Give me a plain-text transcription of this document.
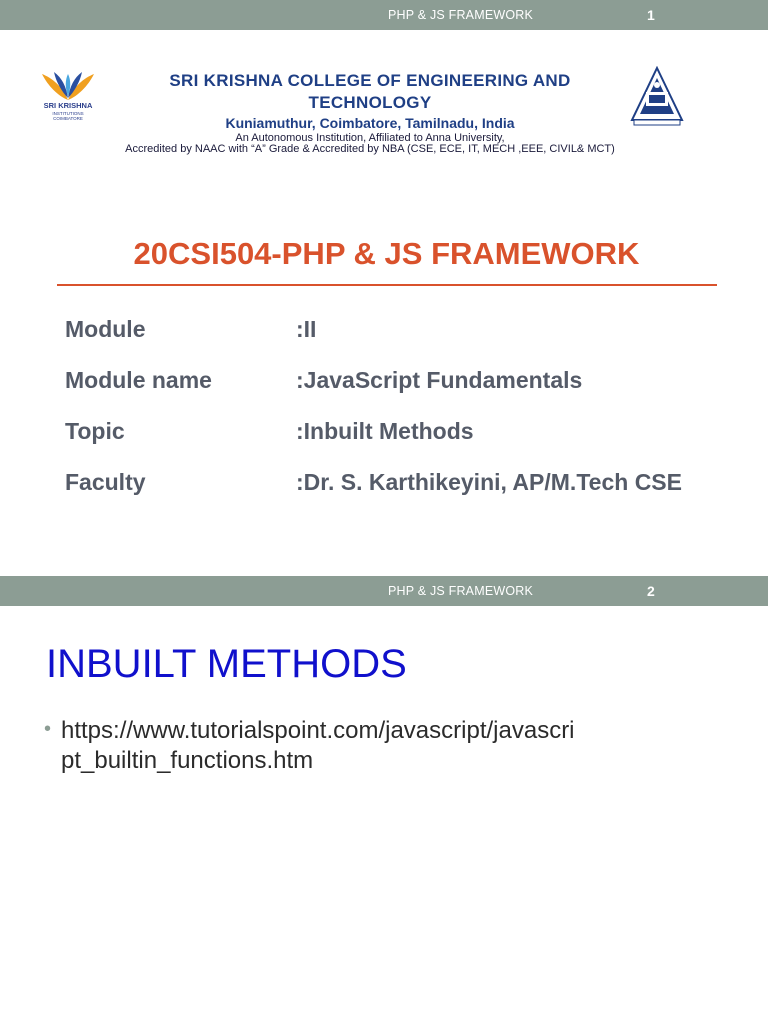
PHP & JS FRAMEWORK	1
SRI KRISHNA
INSTITUTIONS
COIMBATORE
SRI KRISHNA COLLEGE OF ENGINEERING AND
TECHNOLOGY
Kuniamuthur, Coimbatore, Tamilnadu, India
An Autonomous Institution, Affiliated to Anna University,
Accredited by NAAC with “A” Grade & Accredited by NBA (CSE, ECE, IT, MECH ,EEE, CIVIL& MCT)
20CSI504-PHP & JS FRAMEWORK
Module	:II
Module name	:JavaScript Fundamentals
Topic	:Inbuilt Methods
Faculty	:Dr. S. Karthikeyini, AP/M.Tech CSE
PHP & JS FRAMEWORK	2
INBUILT METHODS
• https://www.tutorialspoint.com/javascript/javascript_builtin_functions.htm
